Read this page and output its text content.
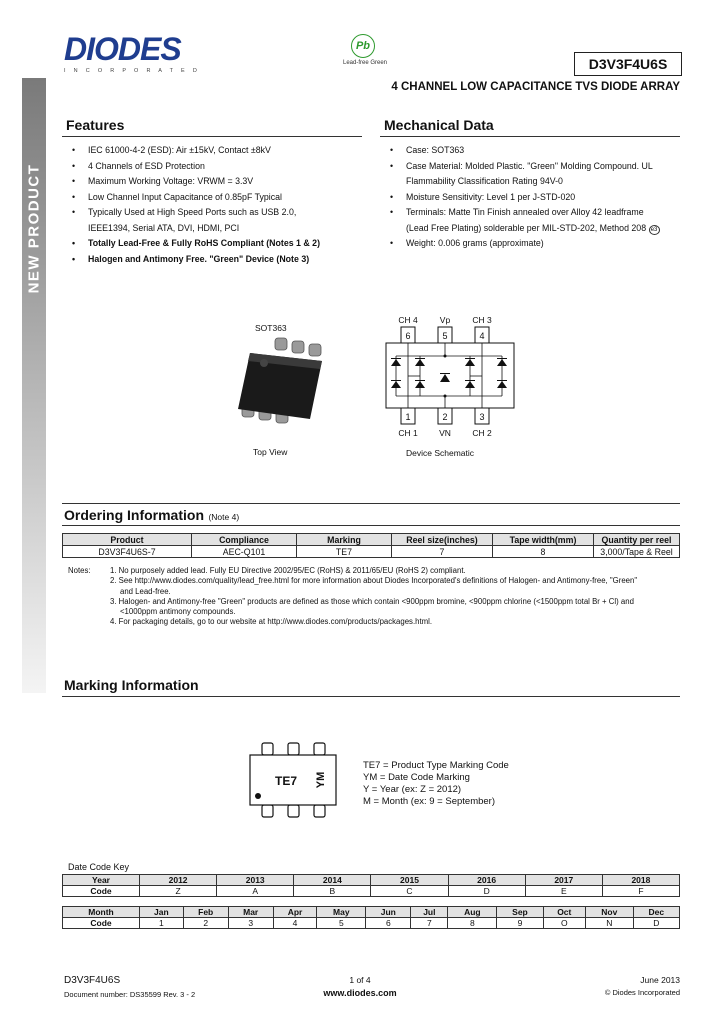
NEW PRODUCT
DIODES
I N C O R P O R A T E D
Pb
Lead-free Green	D3V3F4U6S
4 CHANNEL LOW CAPACITANCE TVS DIODE ARRAY
Features
• IEC 61000-4-2 (ESD): Air ±15kV, Contact ±8kV
• 4 Channels of ESD Protection
• Maximum Working Voltage: VRWM = 3.3V
• Low Channel Input Capacitance of 0.85pF Typical
• Typically Used at High Speed Ports such as USB 2.0,
IEEE1394, Serial ATA, DVI, HDMI, PCI
• Totally Lead-Free & Fully RoHS Compliant (Notes 1 & 2)
• Halogen and Antimony Free. "Green" Device (Note 3)
Mechanical Data
• Case: SOT363
• Case Material: Molded Plastic. "Green" Molding Compound. UL
Flammability Classification Rating 94V-0
• Moisture Sensitivity: Level 1 per J-STD-020
• Terminals: Matte Tin Finish annealed over Alloy 42 leadframe
(Lead Free Plating) solderable per MIL-STD-202, Method 208 e3
• Weight: 0.006 grams (approximate)
SOT363
Top View
CH 4	Vp	CH 3
CH 1	VN	CH 2
6	5	4
1	2	3
Device Schematic
Ordering Information (Note 4)
Product	Compliance	Marking	Reel size(inches)	Tape width(mm)	Quantity per reel
D3V3F4U6S-7	AEC-Q101	TE7	7	8	3,000/Tape & Reel
Notes: 1. No purposely added lead. Fully EU Directive 2002/95/EC (RoHS) & 2011/65/EU (RoHS 2) compliant.
2. See http://www.diodes.com/quality/lead_free.html for more information about Diodes Incorporated's definitions of Halogen- and Antimony-free, "Green"
and Lead-free.
3. Halogen- and Antimony-free "Green" products are defined as those which contain <900ppm bromine, <900ppm chlorine (<1500ppm total Br + Cl) and
<1000ppm antimony compounds.
4. For packaging details, go to our website at http://www.diodes.com/products/packages.html.
Marking Information
TE7 YM
TE7 = Product Type Marking Code
YM = Date Code Marking
Y = Year (ex: Z = 2012)
M = Month (ex: 9 = September)
Date Code Key
Year	2012	2013	2014	2015	2016	2017	2018
Code	Z	A	B	C	D	E	F
Month	Jan	Feb	Mar	Apr	May	Jun	Jul	Aug	Sep	Oct	Nov	Dec
Code	1	2	3	4	5	6	7	8	9	O	N	D
D3V3F4U6S
Document number: DS35599 Rev. 3 - 2
1 of 4
www.diodes.com
June 2013
© Diodes Incorporated
